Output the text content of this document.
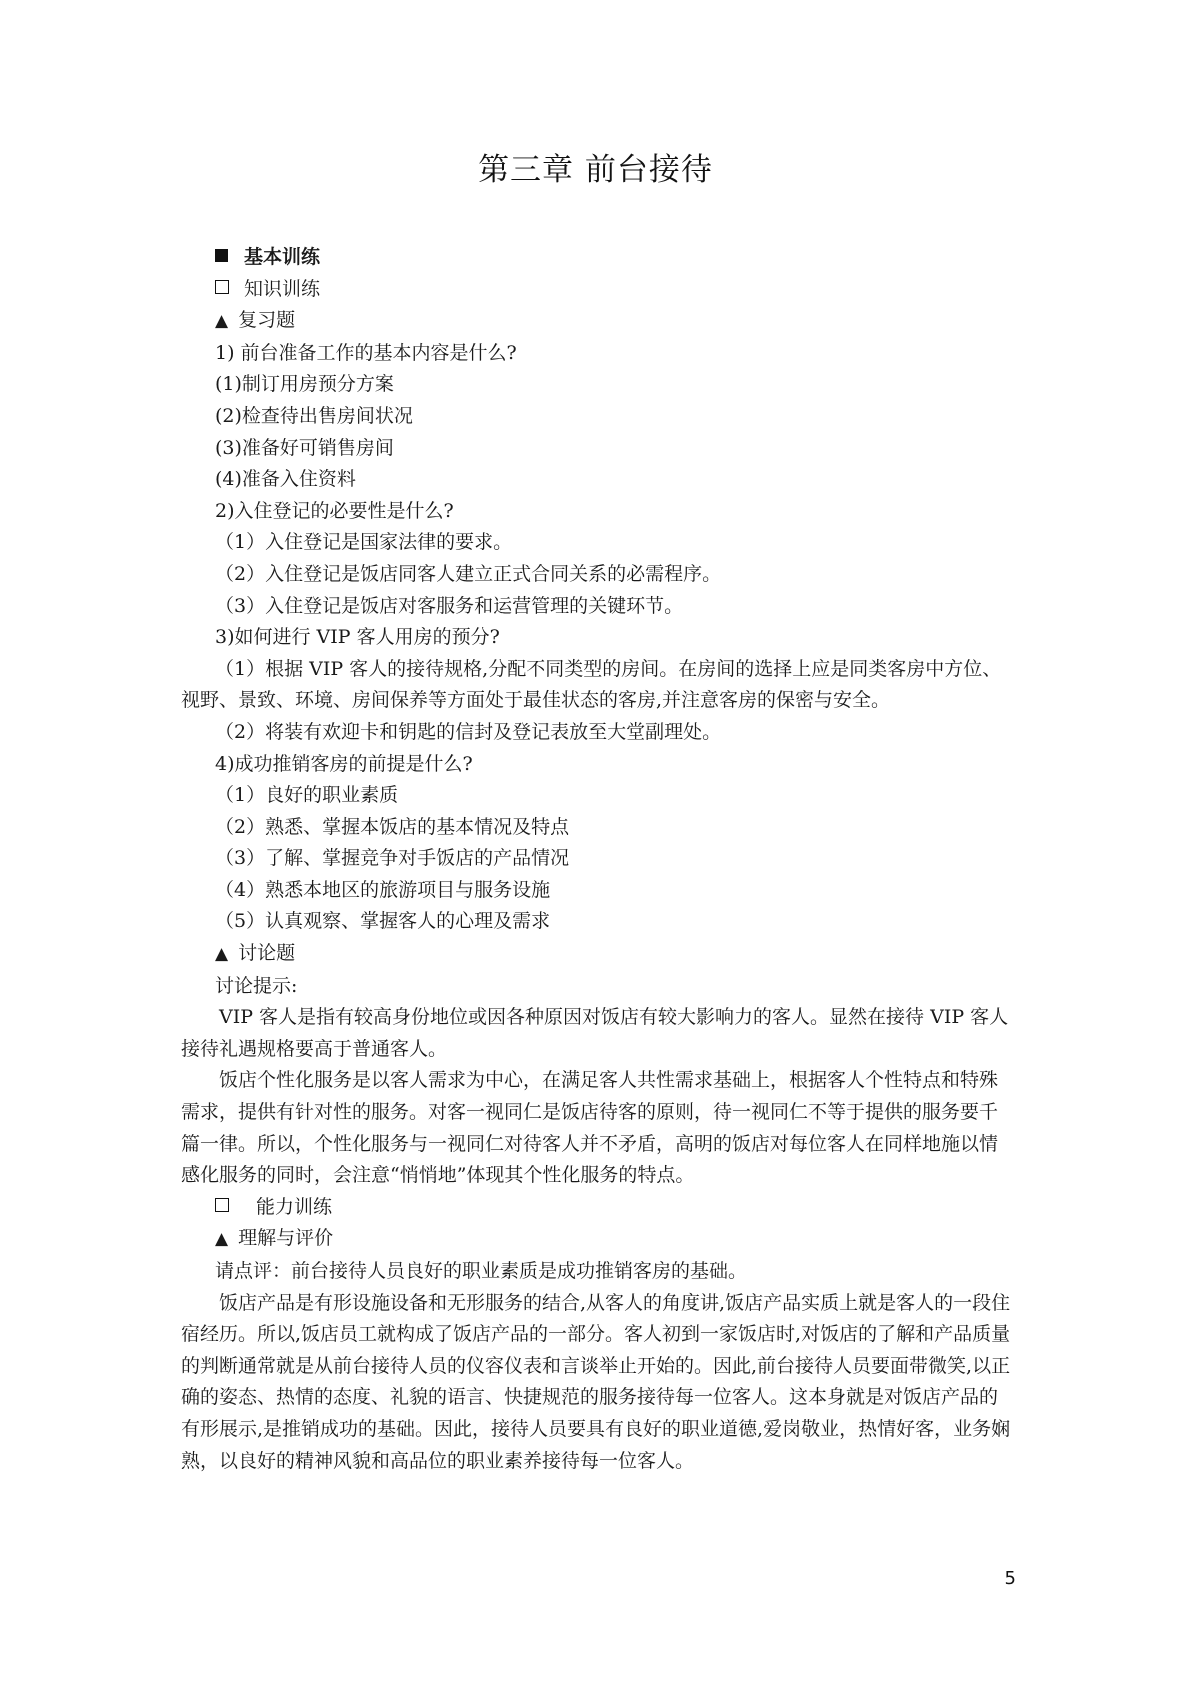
第三章 前台接待
基本训练
知识训练
▲ 复习题
1) 前台准备工作的基本内容是什么?
(1)制订用房预分方案
(2)检查待出售房间状况
(3)准备好可销售房间
(4)准备入住资料
2)入住登记的必要性是什么?
（1）入住登记是国家法律的要求。
（2）入住登记是饭店同客人建立正式合同关系的必需程序。
（3）入住登记是饭店对客服务和运营管理的关键环节。
3)如何进行 VIP 客人用房的预分?
（1）根据 VIP 客人的接待规格,分配不同类型的房间。在房间的选择上应是同类客房中方位、视野、景致、环境、房间保养等方面处于最佳状态的客房,并注意客房的保密与安全。
（2）将装有欢迎卡和钥匙的信封及登记表放至大堂副理处。
4)成功推销客房的前提是什么?
（1）良好的职业素质
（2）熟悉、掌握本饭店的基本情况及特点
（3）了解、掌握竞争对手饭店的产品情况
（4）熟悉本地区的旅游项目与服务设施
（5）认真观察、掌握客人的心理及需求
▲ 讨论题
讨论提示:
VIP 客人是指有较高身份地位或因各种原因对饭店有较大影响力的客人。显然在接待 VIP 客人接待礼遇规格要高于普通客人。
饭店个性化服务是以客人需求为中心，在满足客人共性需求基础上，根据客人个性特点和特殊需求，提供有针对性的服务。对客一视同仁是饭店待客的原则，待一视同仁不等于提供的服务要千篇一律。所以，个性化服务与一视同仁对待客人并不矛盾，高明的饭店对每位客人在同样地施以情感化服务的同时，会注意“悄悄地”体现其个性化服务的特点。
能力训练
▲ 理解与评价
请点评：前台接待人员良好的职业素质是成功推销客房的基础。
饭店产品是有形设施设备和无形服务的结合,从客人的角度讲,饭店产品实质上就是客人的一段住宿经历。所以,饭店员工就构成了饭店产品的一部分。客人初到一家饭店时,对饭店的了解和产品质量的判断通常就是从前台接待人员的仪容仪表和言谈举止开始的。因此,前台接待人员要面带微笑,以正确的姿态、热情的态度、礼貌的语言、快捷规范的服务接待每一位客人。这本身就是对饭店产品的有形展示,是推销成功的基础。因此，接待人员要具有良好的职业道德,爱岗敬业，热情好客，业务娴熟，以良好的精神风貌和高品位的职业素养接待每一位客人。
5
